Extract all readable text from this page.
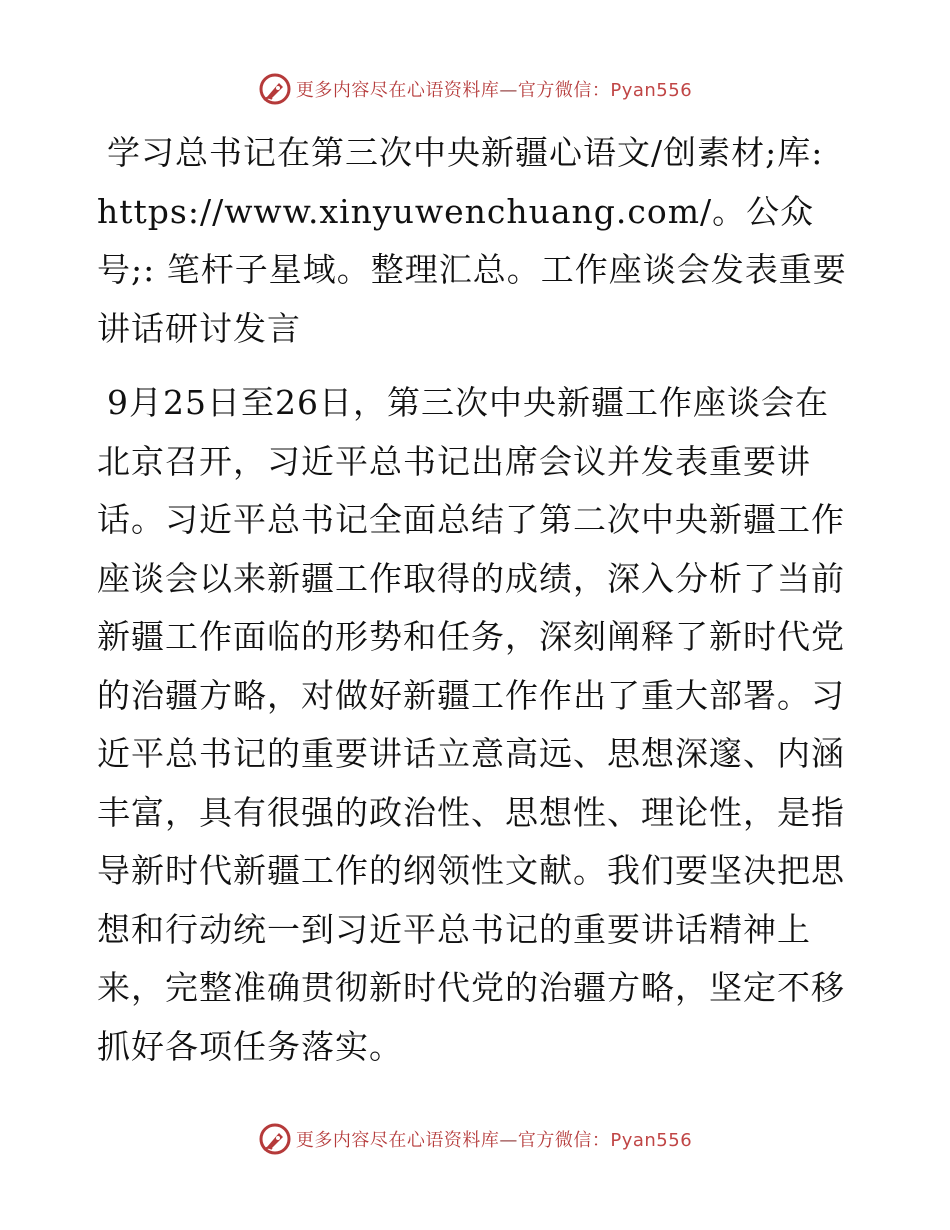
更多内容尽在心语资料库—官方微信：Pyan556

学习总书记在第三次中央新疆心语文/创素材;库: https://www.xinyuwenchuang.com/。公众号;: 笔杆子星域。整理汇总。工作座谈会发表重要讲话研讨发言

9月25日至26日，第三次中央新疆工作座谈会在北京召开，习近平总书记出席会议并发表重要讲话。习近平总书记全面总结了第二次中央新疆工作座谈会以来新疆工作取得的成绩，深入分析了当前新疆工作面临的形势和任务，深刻阐释了新时代党的治疆方略，对做好新疆工作作出了重大部署。习近平总书记的重要讲话立意高远、思想深邃、内涵丰富，具有很强的政治性、思想性、理论性，是指导新时代新疆工作的纲领性文献。我们要坚决把思想和行动统一到习近平总书记的重要讲话精神上来，完整准确贯彻新时代党的治疆方略，坚定不移抓好各项任务落实。

更多内容尽在心语资料库—官方微信：Pyan556
